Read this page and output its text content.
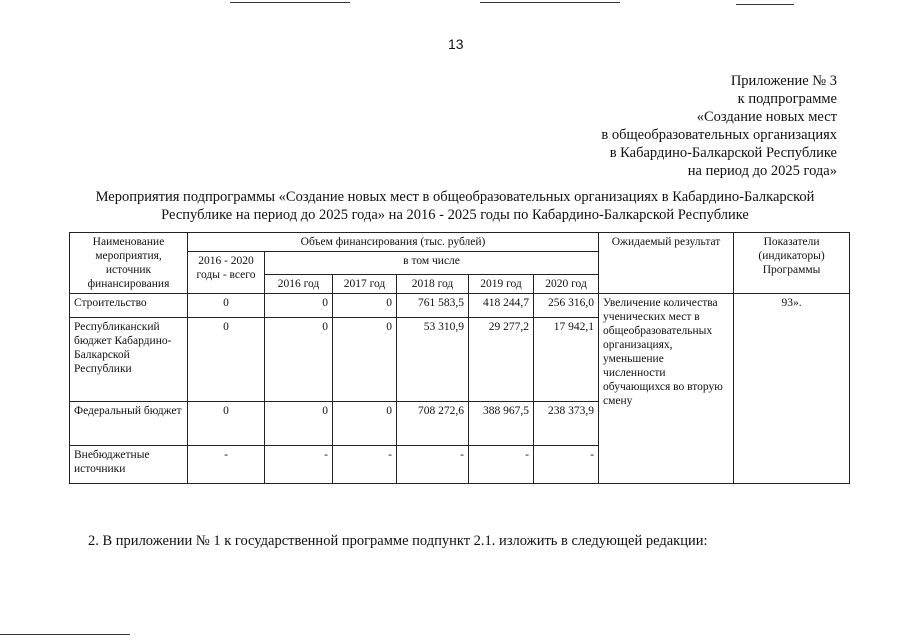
13
Приложение № 3
к подпрограмме
«Создание новых мест
в общеобразовательных организациях
в Кабардино-Балкарской Республике
на период до 2025 года»
Мероприятия подпрограммы «Создание новых мест в общеобразовательных организациях в Кабардино-Балкарской
Республике на период до 2025 года» на 2016 - 2025 годы по Кабардино-Балкарской Республике
Наименование мероприятия, источник финансирования	Объем финансирования (тыс. рублей)						Ожидаемый результат	Показатели (индикаторы) Программы
	2016 - 2020 годы - всего	в том числе						
		2016 год	2017 год	2018 год	2019 год	2020 год		
Строительство	0	0	0	761 583,5	418 244,7	256 316,0	Увеличение количества ученических мест в общеобразовательных организациях, уменьшение численности обучающихся во вторую смену	93».
Республиканский бюджет Кабардино-Балкарской Республики	0	0	0	53 310,9	29 277,2	17 942,1		
Федеральный бюджет	0	0	0	708 272,6	388 967,5	238 373,9		
Внебюджетные источники	-	-	-	-	-	-		
2. В приложении № 1 к государственной программе подпункт 2.1. изложить в следующей редакции:
